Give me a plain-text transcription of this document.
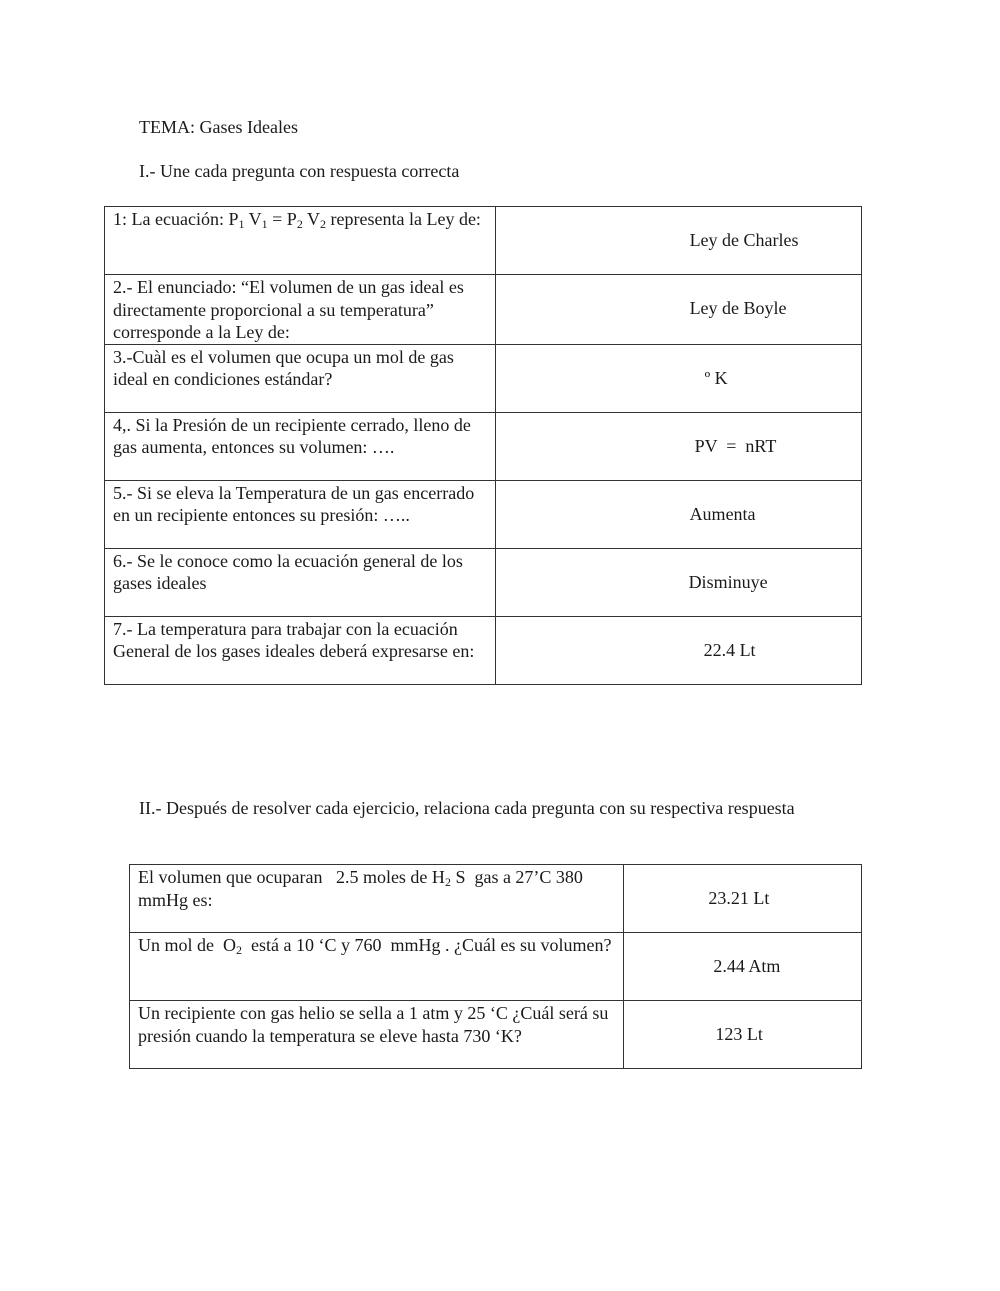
TEMA: Gases Ideales
I.- Une cada pregunta con respuesta correcta
1: La ecuación: $P_1$ $V_1 = P_2$ $V_2$ representa la Ley de:	Ley de Charles

2.- El enunciado: “El volumen de un gas ideal es directamente proporcional a su temperatura” corresponde a la Ley de:	Ley de Boyle

3.-Cuàl es el volumen que ocupa un mol de gas ideal en condiciones estándar?	º K

4,. Si la Presión de un recipiente cerrado, lleno de gas aumenta, entonces su volumen: ….	PV  =  nRT

5.- Si se eleva la Temperatura de un gas encerrado en un recipiente entonces su presión: …..	Aumenta

6.- Se le conoce como la ecuación general de los gases ideales	Disminuye

7.- La temperatura para trabajar con la ecuación General de los gases ideales deberá expresarse en:	22.4 Lt
II.- Después de resolver cada ejercicio, relaciona cada pregunta con su respectiva respuesta
El volumen que ocuparan   2.5 moles de $H_2$ S  gas a 27’C 380 mmHg es:	23.21 Lt

Un mol de  $O_2$  está a 10 ‘C y 760  mmHg . ¿Cuál es su volumen?	2.44 Atm

Un recipiente con gas helio se sella a 1 atm y 25 ‘C ¿Cuál será su presión cuando la temperatura se eleve hasta 730 ‘K?	123 Lt
